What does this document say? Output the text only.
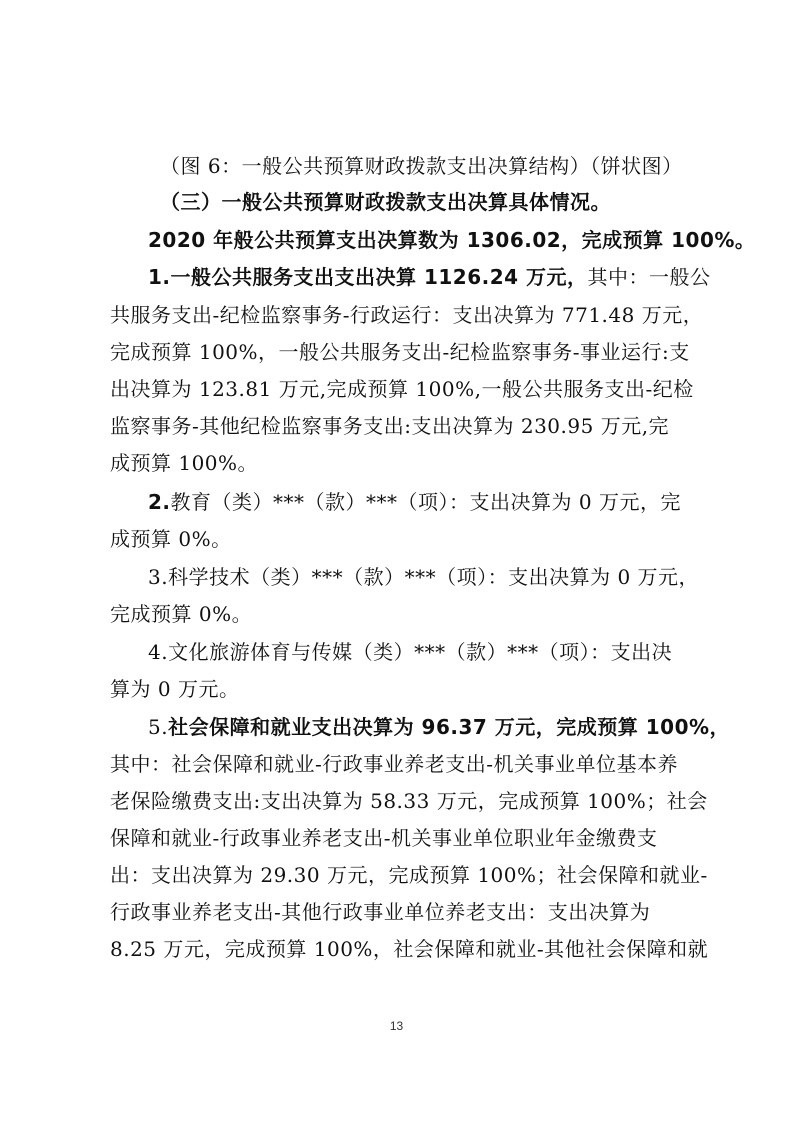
（图 6：一般公共预算财政拨款支出决算结构）（饼状图）
（三）一般公共预算财政拨款支出决算具体情况。
2020 年般公共预算支出决算数为 1306.02，完成预算 100%。
1.一般公共服务支出支出决算 1126.24 万元，其中：一般公
共服务支出-纪检监察事务-行政运行：支出决算为 771.48 万元，
完成预算 100%，一般公共服务支出-纪检监察事务-事业运行:支
出决算为 123.81 万元,完成预算 100%,一般公共服务支出-纪检
监察事务-其他纪检监察事务支出:支出决算为 230.95 万元,完
成预算 100%。
2.教育（类）***（款）***（项）：支出决算为 0 万元，完
成预算 0%。
3.科学技术（类）***（款）***（项）：支出决算为 0 万元，
完成预算 0%。
4.文化旅游体育与传媒（类）***（款）***（项）：支出决
算为 0 万元。
5.社会保障和就业支出决算为 96.37 万元，完成预算 100%，
其中：社会保障和就业-行政事业养老支出-机关事业单位基本养
老保险缴费支出:支出决算为 58.33 万元，完成预算 100%；社会
保障和就业-行政事业养老支出-机关事业单位职业年金缴费支
出：支出决算为 29.30 万元，完成预算 100%；社会保障和就业-
行政事业养老支出-其他行政事业单位养老支出：支出决算为
8.25 万元，完成预算 100%，社会保障和就业-其他社会保障和就
13
